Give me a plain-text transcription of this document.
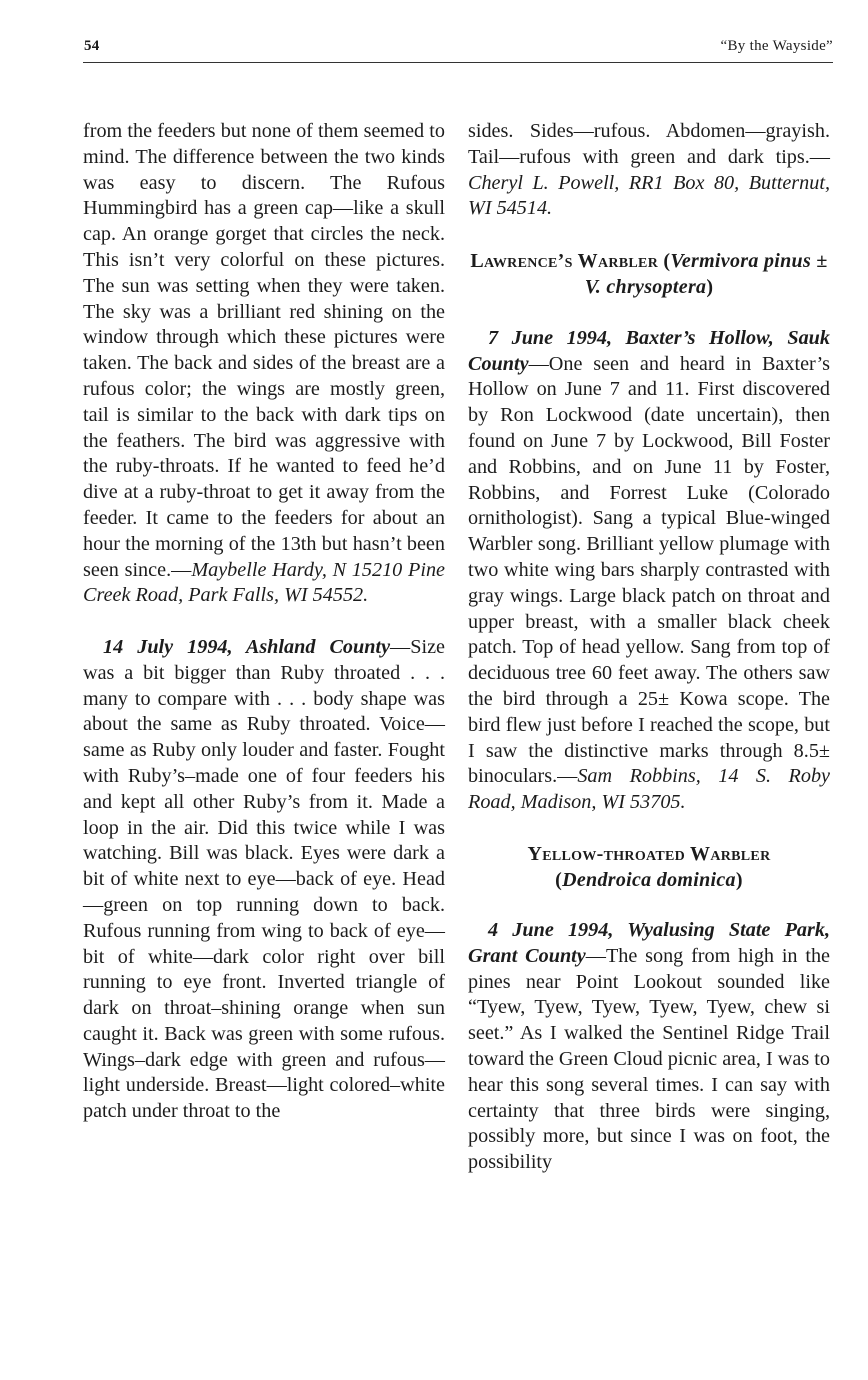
54	“By the Wayside”

from the feeders but none of them seemed to mind. The difference between the two kinds was easy to discern. The Rufous Hummingbird has a green cap—like a skull cap. An orange gorget that circles the neck. This isn’t very colorful on these pictures. The sun was setting when they were taken. The sky was a brilliant red shining on the window through which these pictures were taken. The back and sides of the breast are a rufous color; the wings are mostly green, tail is similar to the back with dark tips on the feathers. The bird was aggressive with the ruby-throats. If he wanted to feed he’d dive at a ruby-throat to get it away from the feeder. It came to the feeders for about an hour the morning of the 13th but hasn’t been seen since.—Maybelle Hardy, N 15210 Pine Creek Road, Park Falls, WI 54552.

14 July 1994, Ashland County—Size was a bit bigger than Ruby throated . . . many to compare with . . . body shape was about the same as Ruby throated. Voice—same as Ruby only louder and faster. Fought with Ruby’s–made one of four feeders his and kept all other Ruby’s from it. Made a loop in the air. Did this twice while I was watching. Bill was black. Eyes were dark a bit of white next to eye—back of eye. Head—green on top running down to back. Rufous running from wing to back of eye—bit of white—dark color right over bill running to eye front. Inverted triangle of dark on throat–shining orange when sun caught it. Back was green with some rufous. Wings–dark edge with green and rufous—light underside. Breast—light colored–white patch under throat to the

sides. Sides—rufous. Abdomen—grayish. Tail—rufous with green and dark tips.—Cheryl L. Powell, RR1 Box 80, Butternut, WI 54514.

Lawrence’s Warbler (Vermivora pinus ± V. chrysoptera)

7 June 1994, Baxter’s Hollow, Sauk County—One seen and heard in Baxter’s Hollow on June 7 and 11. First discovered by Ron Lockwood (date uncertain), then found on June 7 by Lockwood, Bill Foster and Robbins, and on June 11 by Foster, Robbins, and Forrest Luke (Colorado ornithologist). Sang a typical Blue-winged Warbler song. Brilliant yellow plumage with two white wing bars sharply contrasted with gray wings. Large black patch on throat and upper breast, with a smaller black cheek patch. Top of head yellow. Sang from top of deciduous tree 60 feet away. The others saw the bird through a 25± Kowa scope. The bird flew just before I reached the scope, but I saw the distinctive marks through 8.5± binoculars.—Sam Robbins, 14 S. Roby Road, Madison, WI 53705.

Yellow-throated Warbler
(Dendroica dominica)

4 June 1994, Wyalusing State Park, Grant County—The song from high in the pines near Point Lookout sounded like “Tyew, Tyew, Tyew, Tyew, Tyew, chew si seet.” As I walked the Sentinel Ridge Trail toward the Green Cloud picnic area, I was to hear this song several times. I can say with certainty that three birds were singing, possibly more, but since I was on foot, the possibility
